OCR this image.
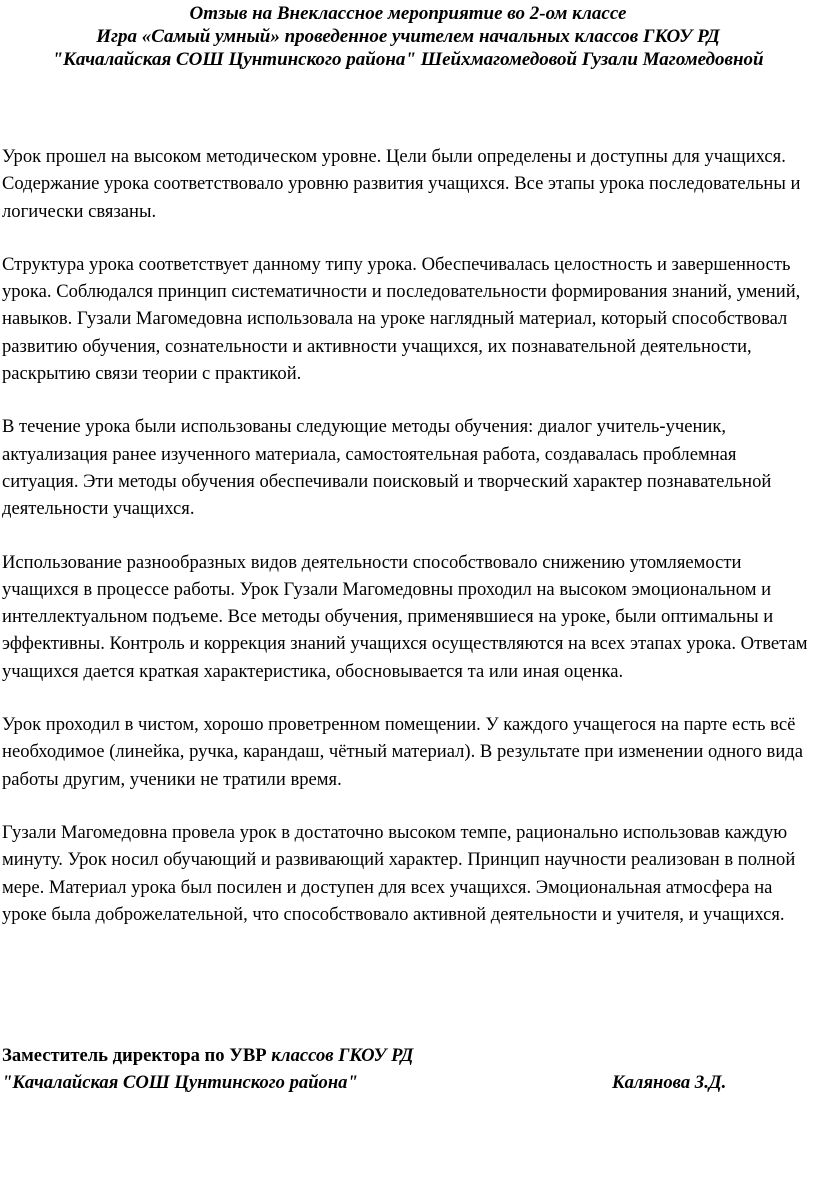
Отзыв на Внеклассное мероприятие во 2-ом классе
Игра «Самый умный» проведенное учителем начальных классов ГКОУ РД
"Качалайская СОШ Цунтинского района" Шейхмагомедовой Гузали Магомедовной

Урок прошел на высоком методическом уровне. Цели были определены и доступны для учащихся. Содержание урока соответствовало уровню развития учащихся. Все этапы урока последовательны и логически связаны.

Структура урока соответствует данному типу урока. Обеспечивалась целостность и завершенность урока. Соблюдался принцип систематичности и последовательности формирования знаний, умений, навыков. Гузали Магомедовна использовала на уроке наглядный материал, который способствовал развитию обучения, сознательности и активности учащихся, их познавательной деятельности, раскрытию связи теории с практикой.

В течение урока были использованы следующие методы обучения: диалог учитель-ученик, актуализация ранее изученного материала, самостоятельная работа, создавалась проблемная ситуация. Эти методы обучения обеспечивали поисковый и творческий характер познавательной деятельности учащихся.

Использование разнообразных видов деятельности способствовало снижению утомляемости учащихся в процессе работы. Урок Гузали Магомедовны проходил на высоком эмоциональном и интеллектуальном подъеме. Все методы обучения, применявшиеся на уроке, были оптимальны и эффективны. Контроль и коррекция знаний учащихся осуществляются на всех этапах урока. Ответам учащихся дается краткая характеристика, обосновывается та или иная оценка.

Урок проходил в чистом, хорошо проветренном помещении. У каждого учащегося на парте есть всё необходимое (линейка, ручка, карандаш, чётный материал). В результате при изменении одного вида работы другим, ученики не тратили время.

Гузали Магомедовна провела урок в достаточно высоком темпе, рационально использовав каждую минуту. Урок носил обучающий и развивающий характер. Принцип научности реализован в полной мере. Материал урока был посилен и доступен для всех учащихся. Эмоциональная атмосфера на уроке была доброжелательной, что способствовало активной деятельности и учителя, и учащихся.

Заместитель директора по УВР классов ГКОУ РД
"Качалайская СОШ Цунтинского района"	Калянова З.Д.
